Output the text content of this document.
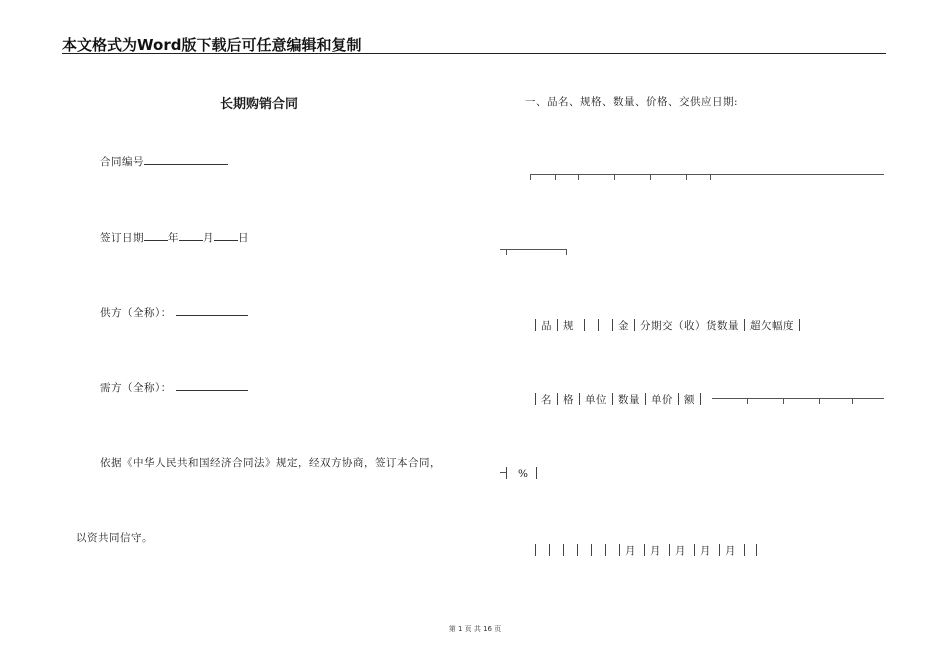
本文格式为Word版下载后可任意编辑和复制
长期购销合同
合同编号
签订日期 年 月 日
供方（全称）：
需方（全称）：
依据《中华人民共和国经济合同法》规定，经双方协商，签订本合同，
以资共同信守。
一、品名、规格、数量、价格、交供应日期:
品 规	金 分期交（收）货数量 超欠幅度
名 格 单位 数量 单价 额
%
月 月 月 月 月
第 1 页 共 16 页
